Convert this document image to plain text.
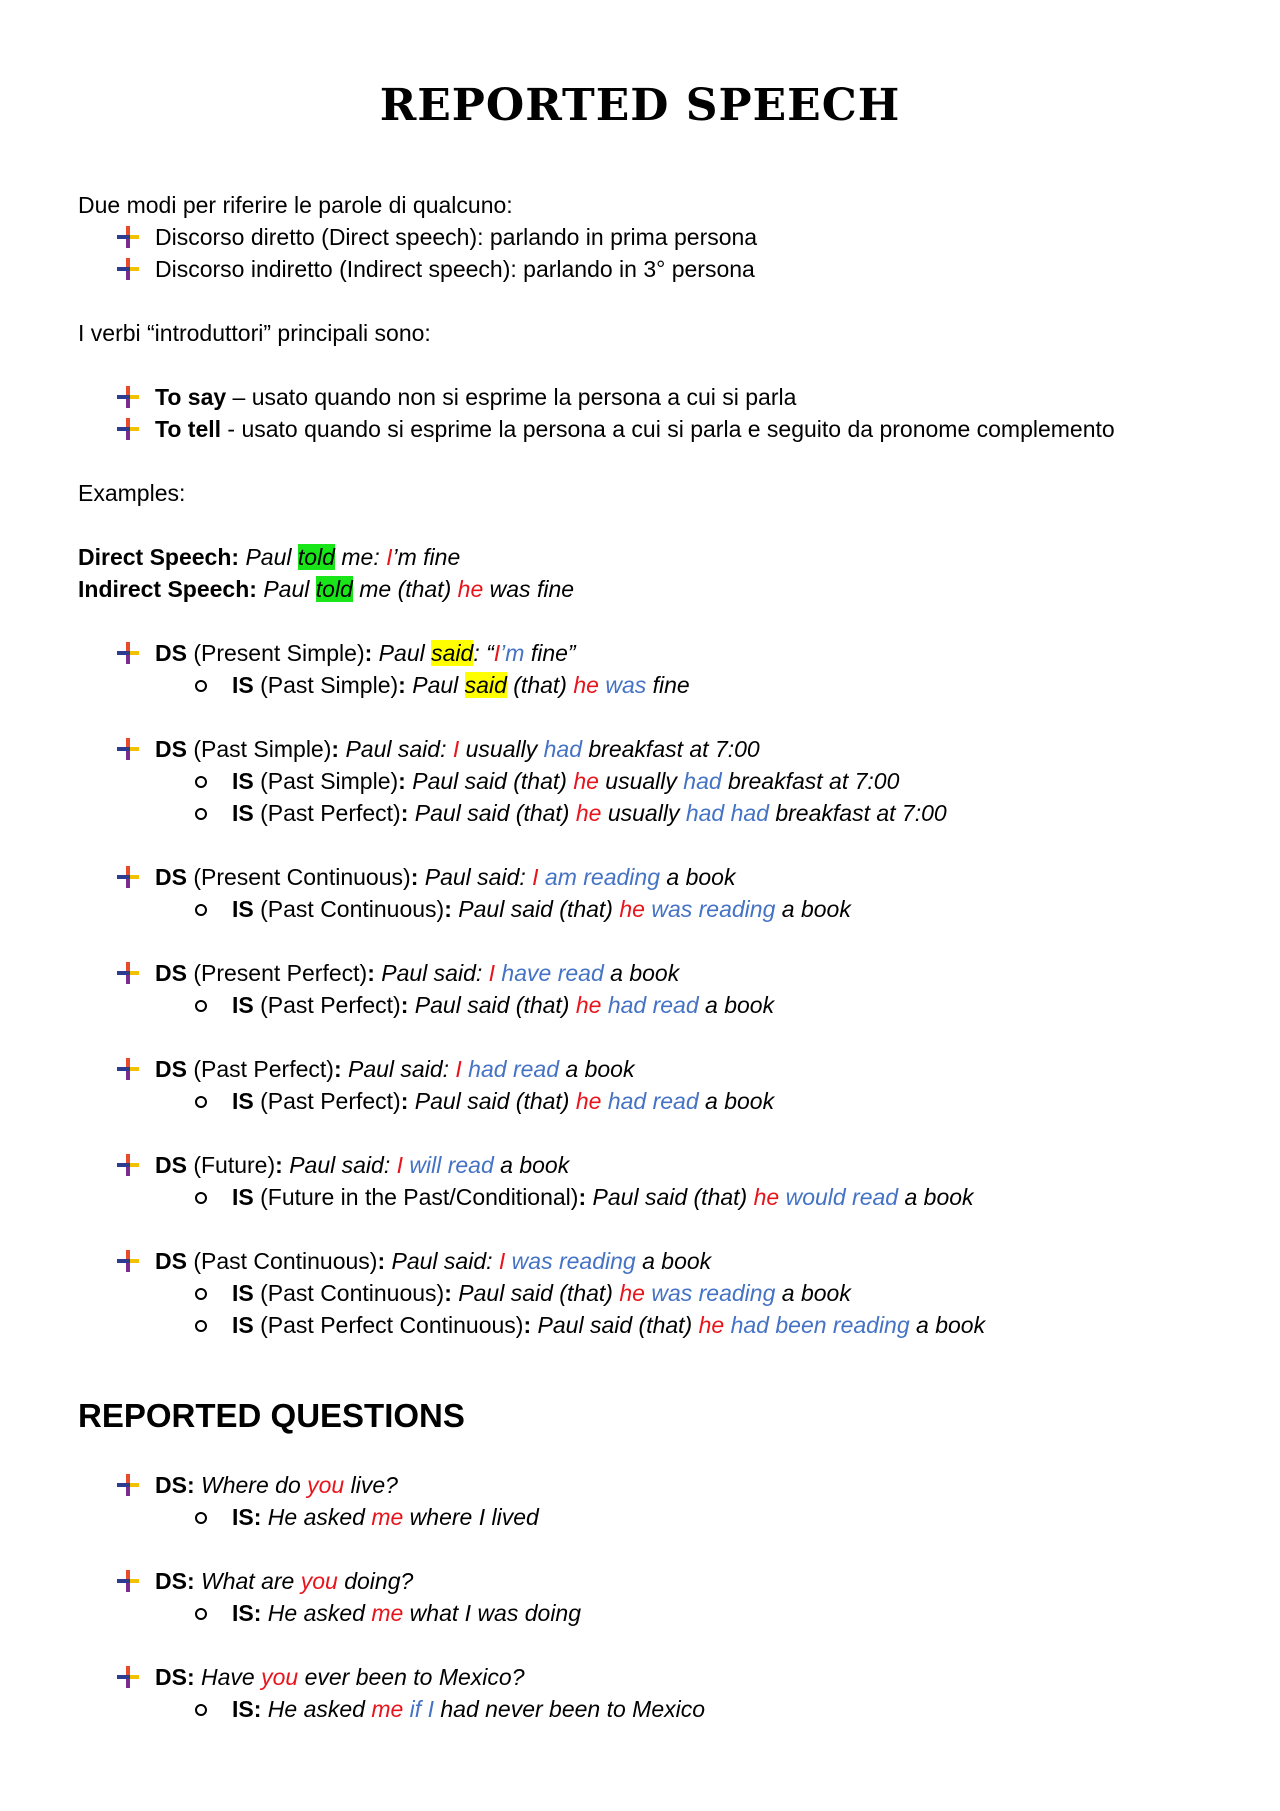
REPORTED SPEECH
Due modi per riferire le parole di qualcuno:
Discorso diretto (Direct speech): parlando in prima persona
Discorso indiretto (Indirect speech): parlando in 3° persona
I verbi “introduttori” principali sono:
To say – usato quando non si esprime la persona a cui si parla
To tell - usato quando si esprime la persona a cui si parla e seguito da pronome complemento
Examples:
Direct Speech: Paul told me: I’m fine
Indirect Speech: Paul told me (that) he was fine
DS (Present Simple): Paul said: “I’m fine”
IS (Past Simple): Paul said (that) he was fine
DS (Past Simple): Paul said: I usually had breakfast at 7:00
IS (Past Simple): Paul said (that) he usually had breakfast at 7:00
IS (Past Perfect): Paul said (that) he usually had had breakfast at 7:00
DS (Present Continuous): Paul said: I am reading a book
IS (Past Continuous): Paul said (that) he was reading a book
DS (Present Perfect): Paul said: I have read a book
IS (Past Perfect): Paul said (that) he had read a book
DS (Past Perfect): Paul said: I had read a book
IS (Past Perfect): Paul said (that) he had read a book
DS (Future): Paul said: I will read a book
IS (Future in the Past/Conditional): Paul said (that) he would read a book
DS (Past Continuous): Paul said: I was reading a book
IS (Past Continuous): Paul said (that) he was reading a book
IS (Past Perfect Continuous): Paul said (that) he had been reading a book
REPORTED QUESTIONS
DS: Where do you live?
IS: He asked me where I lived
DS: What are you doing?
IS: He asked me what I was doing
DS: Have you ever been to Mexico?
IS: He asked me if I had never been to Mexico
